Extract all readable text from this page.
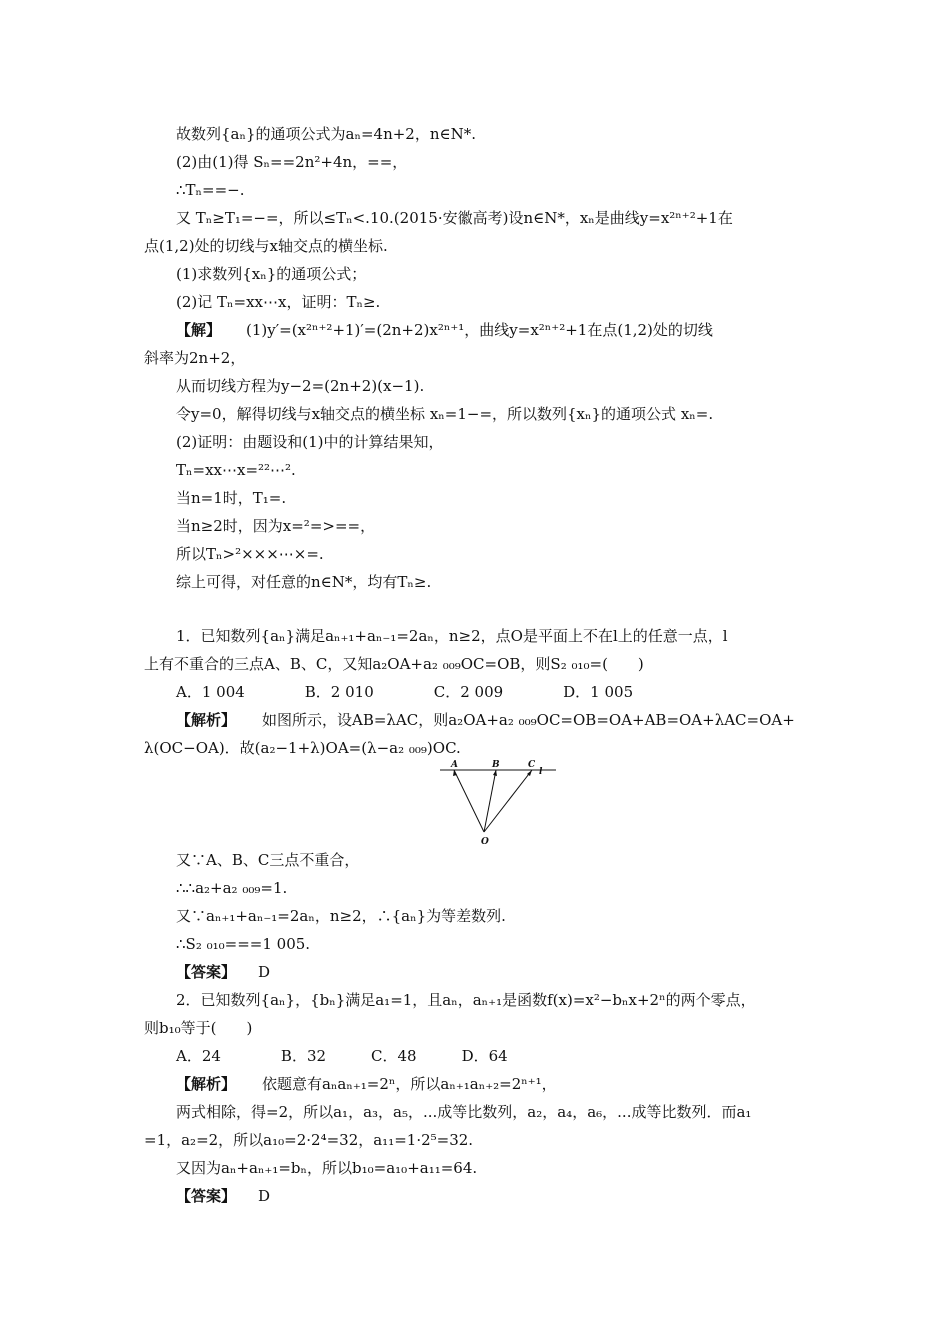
故数列{aₙ}的通项公式为aₙ=4n+2，n∈N*.
(2)由(1)得 Sₙ==2n²+4n，==，
∴Tₙ==−.
又 Tₙ≥T₁=−=，所以≤Tₙ<.10.(2015·安徽高考)设n∈N*，xₙ是曲线y=x²ⁿ⁺²+1在
点(1,2)处的切线与x轴交点的横坐标.
(1)求数列{xₙ}的通项公式；
(2)记 Tₙ=xx⋯x，证明：Tₙ≥.
【解】 (1)y′=(x²ⁿ⁺²+1)′=(2n+2)x²ⁿ⁺¹，曲线y=x²ⁿ⁺²+1在点(1,2)处的切线
斜率为2n+2，
从而切线方程为y−2=(2n+2)(x−1).
令y=0，解得切线与x轴交点的横坐标 xₙ=1−=，所以数列{xₙ}的通项公式 xₙ=.
(2)证明：由题设和(1)中的计算结果知，
Tₙ=xx⋯x=²²⋯².
当n=1时，T₁=.
当n≥2时，因为x=²=>==，
所以Tₙ>²×××⋯×=.
综上可得，对任意的n∈N*，均有Tₙ≥.
1．已知数列{aₙ}满足aₙ₊₁+aₙ₋₁=2aₙ，n≥2，点O是平面上不在l上的任意一点，l
上有不重合的三点A、B、C，又知a₂OA+a₂ ₀₀₉OC=OB，则S₂ ₀₁₀=(　　)
A．1 004　　　　B．2 010　　　　C．2 009　　　　D．1 005
【解析】 如图所示，设AB=λAC，则a₂OA+a₂ ₀₀₉OC=OB=OA+AB=OA+λAC=OA+
λ(OC−OA)．故(a₂−1+λ)OA=(λ−a₂ ₀₀₉)OC.
A	B	C
l
O
又∵A、B、C三点不重合，
∴∴a₂+a₂ ₀₀₉=1.
又∵aₙ₊₁+aₙ₋₁=2aₙ，n≥2，∴{aₙ}为等差数列.
∴S₂ ₀₁₀===1 005.
【答案】 D
2．已知数列{aₙ}，{bₙ}满足a₁=1，且aₙ，aₙ₊₁是函数f(x)=x²−bₙx+2ⁿ的两个零点，
则b₁₀等于(　　)
A．24　　　　B．32　　　C．48　　　D．64
【解析】 依题意有aₙaₙ₊₁=2ⁿ，所以aₙ₊₁aₙ₊₂=2ⁿ⁺¹，
两式相除，得=2，所以a₁，a₃，a₅，...成等比数列，a₂，a₄，a₆，...成等比数列．而a₁
=1，a₂=2，所以a₁₀=2·2⁴=32，a₁₁=1·2⁵=32.
又因为aₙ+aₙ₊₁=bₙ，所以b₁₀=a₁₀+a₁₁=64.
【答案】 D
